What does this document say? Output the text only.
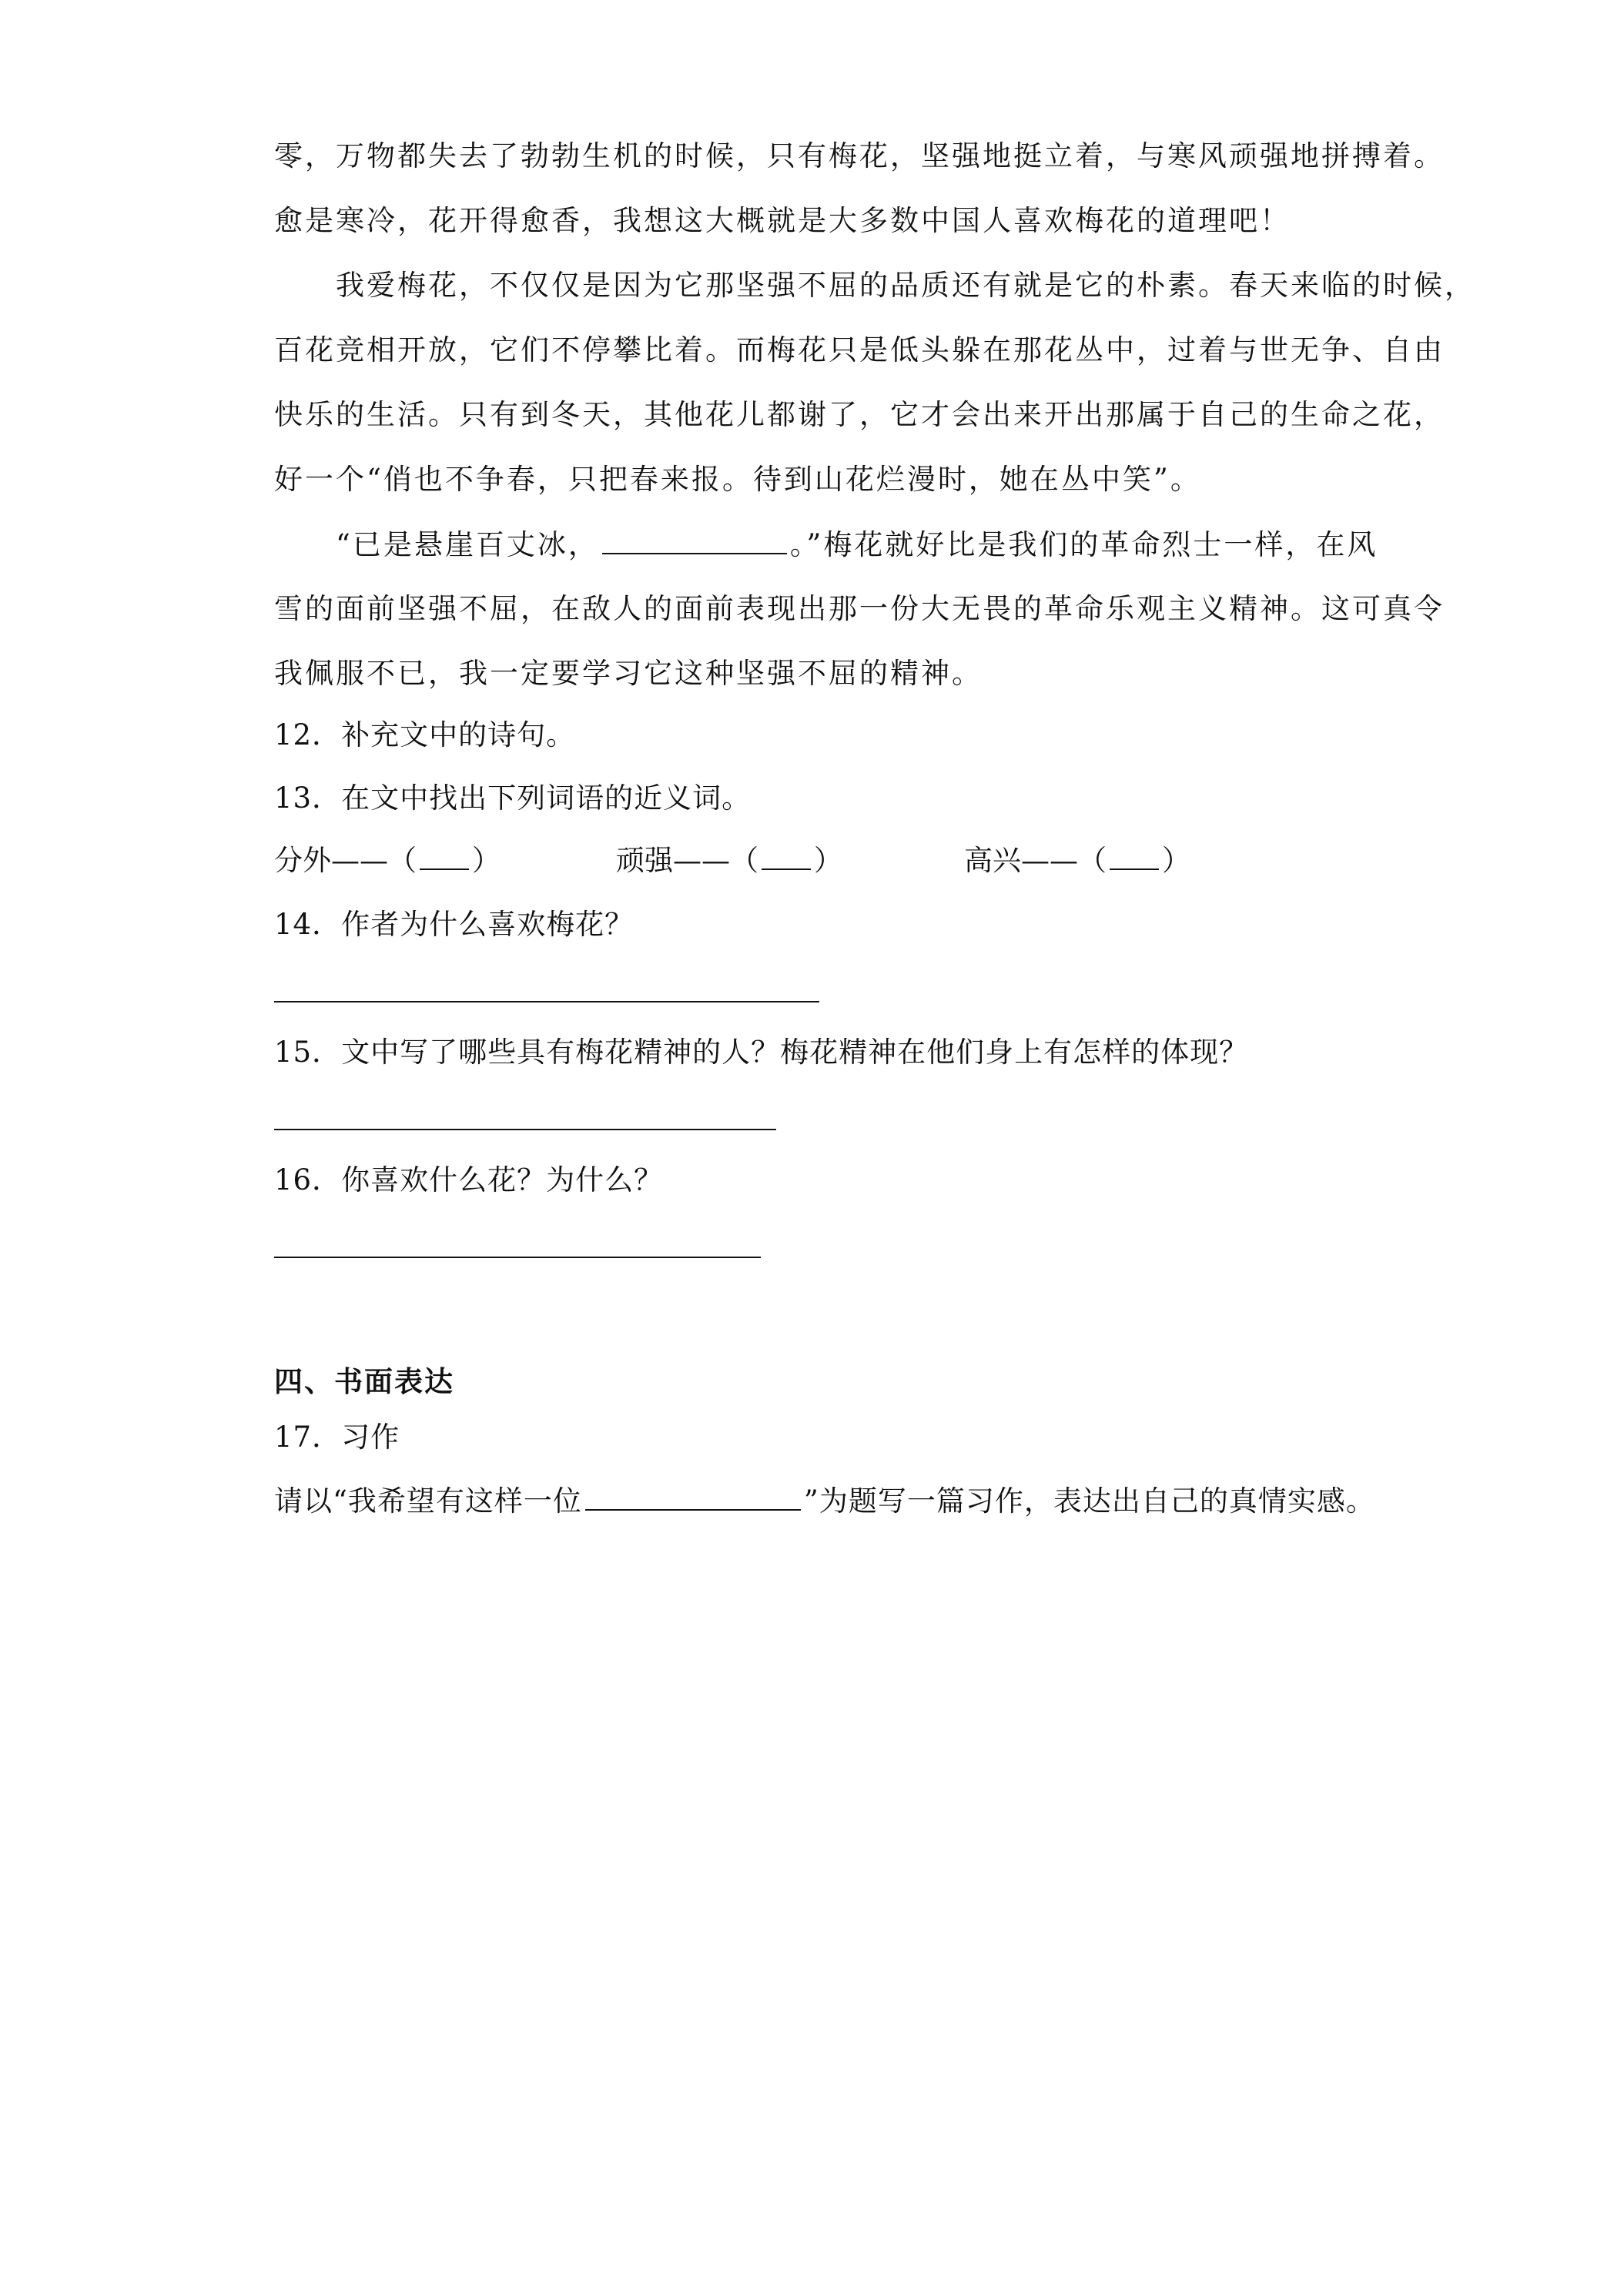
零，万物都失去了勃勃生机的时候，只有梅花，坚强地挺立着，与寒风顽强地拼搏着。
愈是寒冷，花开得愈香，我想这大概就是大多数中国人喜欢梅花的道理吧！
我爱梅花，不仅仅是因为它那坚强不屈的品质还有就是它的朴素。春天来临的时候，
百花竞相开放，它们不停攀比着。而梅花只是低头躲在那花丛中，过着与世无争、自由
快乐的生活。只有到冬天，其他花儿都谢了，它才会出来开出那属于自己的生命之花，
好一个“俏也不争春，只把春来报。待到山花烂漫时，她在丛中笑”。
“已是悬崖百丈冰，	。”梅花就好比是我们的革命烈士一样，在风
雪的面前坚强不屈，在敌人的面前表现出那一份大无畏的革命乐观主义精神。这可真令
我佩服不已，我一定要学习它这种坚强不屈的精神。
12．补充文中的诗句。
13．在文中找出下列词语的近义词。
分外——（ ）	顽强——（ ）	高兴——（ ）
14．作者为什么喜欢梅花？
15．文中写了哪些具有梅花精神的人？梅花精神在他们身上有怎样的体现？
16．你喜欢什么花？为什么？
四、书面表达
17．习作
请以“我希望有这样一位	”为题写一篇习作，表达出自己的真情实感。
